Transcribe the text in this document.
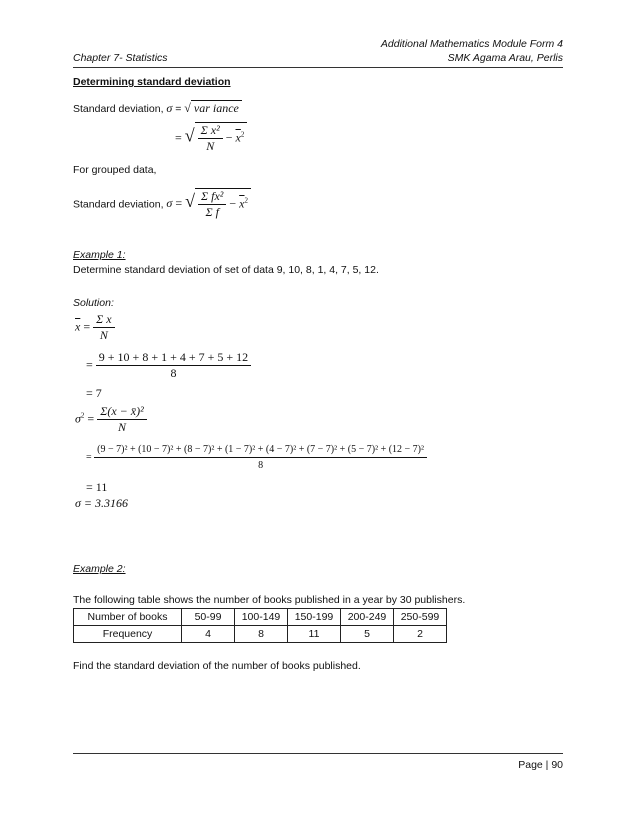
Additional Mathematics Module Form 4
Chapter 7- Statistics	SMK Agama Arau, Perlis
Determining standard deviation
Standard deviation, σ = √ var iance
= √ $\frac{\text{Σ x²}}{N} - \overline{x}^2$
For grouped data,
Standard deviation, σ = √ $\frac{\text{Σ fx²}}{\text{Σ f}} - \overline{x}^2$
Example 1:
Determine standard deviation of set of data 9, 10, 8, 1, 4, 7, 5, 12.
Solution:
$\overline{x} = \frac{\text{Σ x}}{N}$
= $\frac{9 + 10 + 8 + 1 + 4 + 7 + 5 + 12}{8}$
= 7
$\sigma^2 = \frac{\text{Σ(x − x̄)²}}{N}$
=
(9 − 7)² + (10 − 7)² + (8 − 7)² + (1 − 7)² + (4 − 7)² + (7 − 7)² + (5 − 7)² + (12 − 7)²
8
= 11
σ = 3.3166
Example 2:
The following table shows the number of books published in a year by 30 publishers.
Number of books	50-99	100-149	150-199	200-249	250-599
Frequency	4	8	11	5	2
Find the standard deviation of the number of books published.
Page | 90
